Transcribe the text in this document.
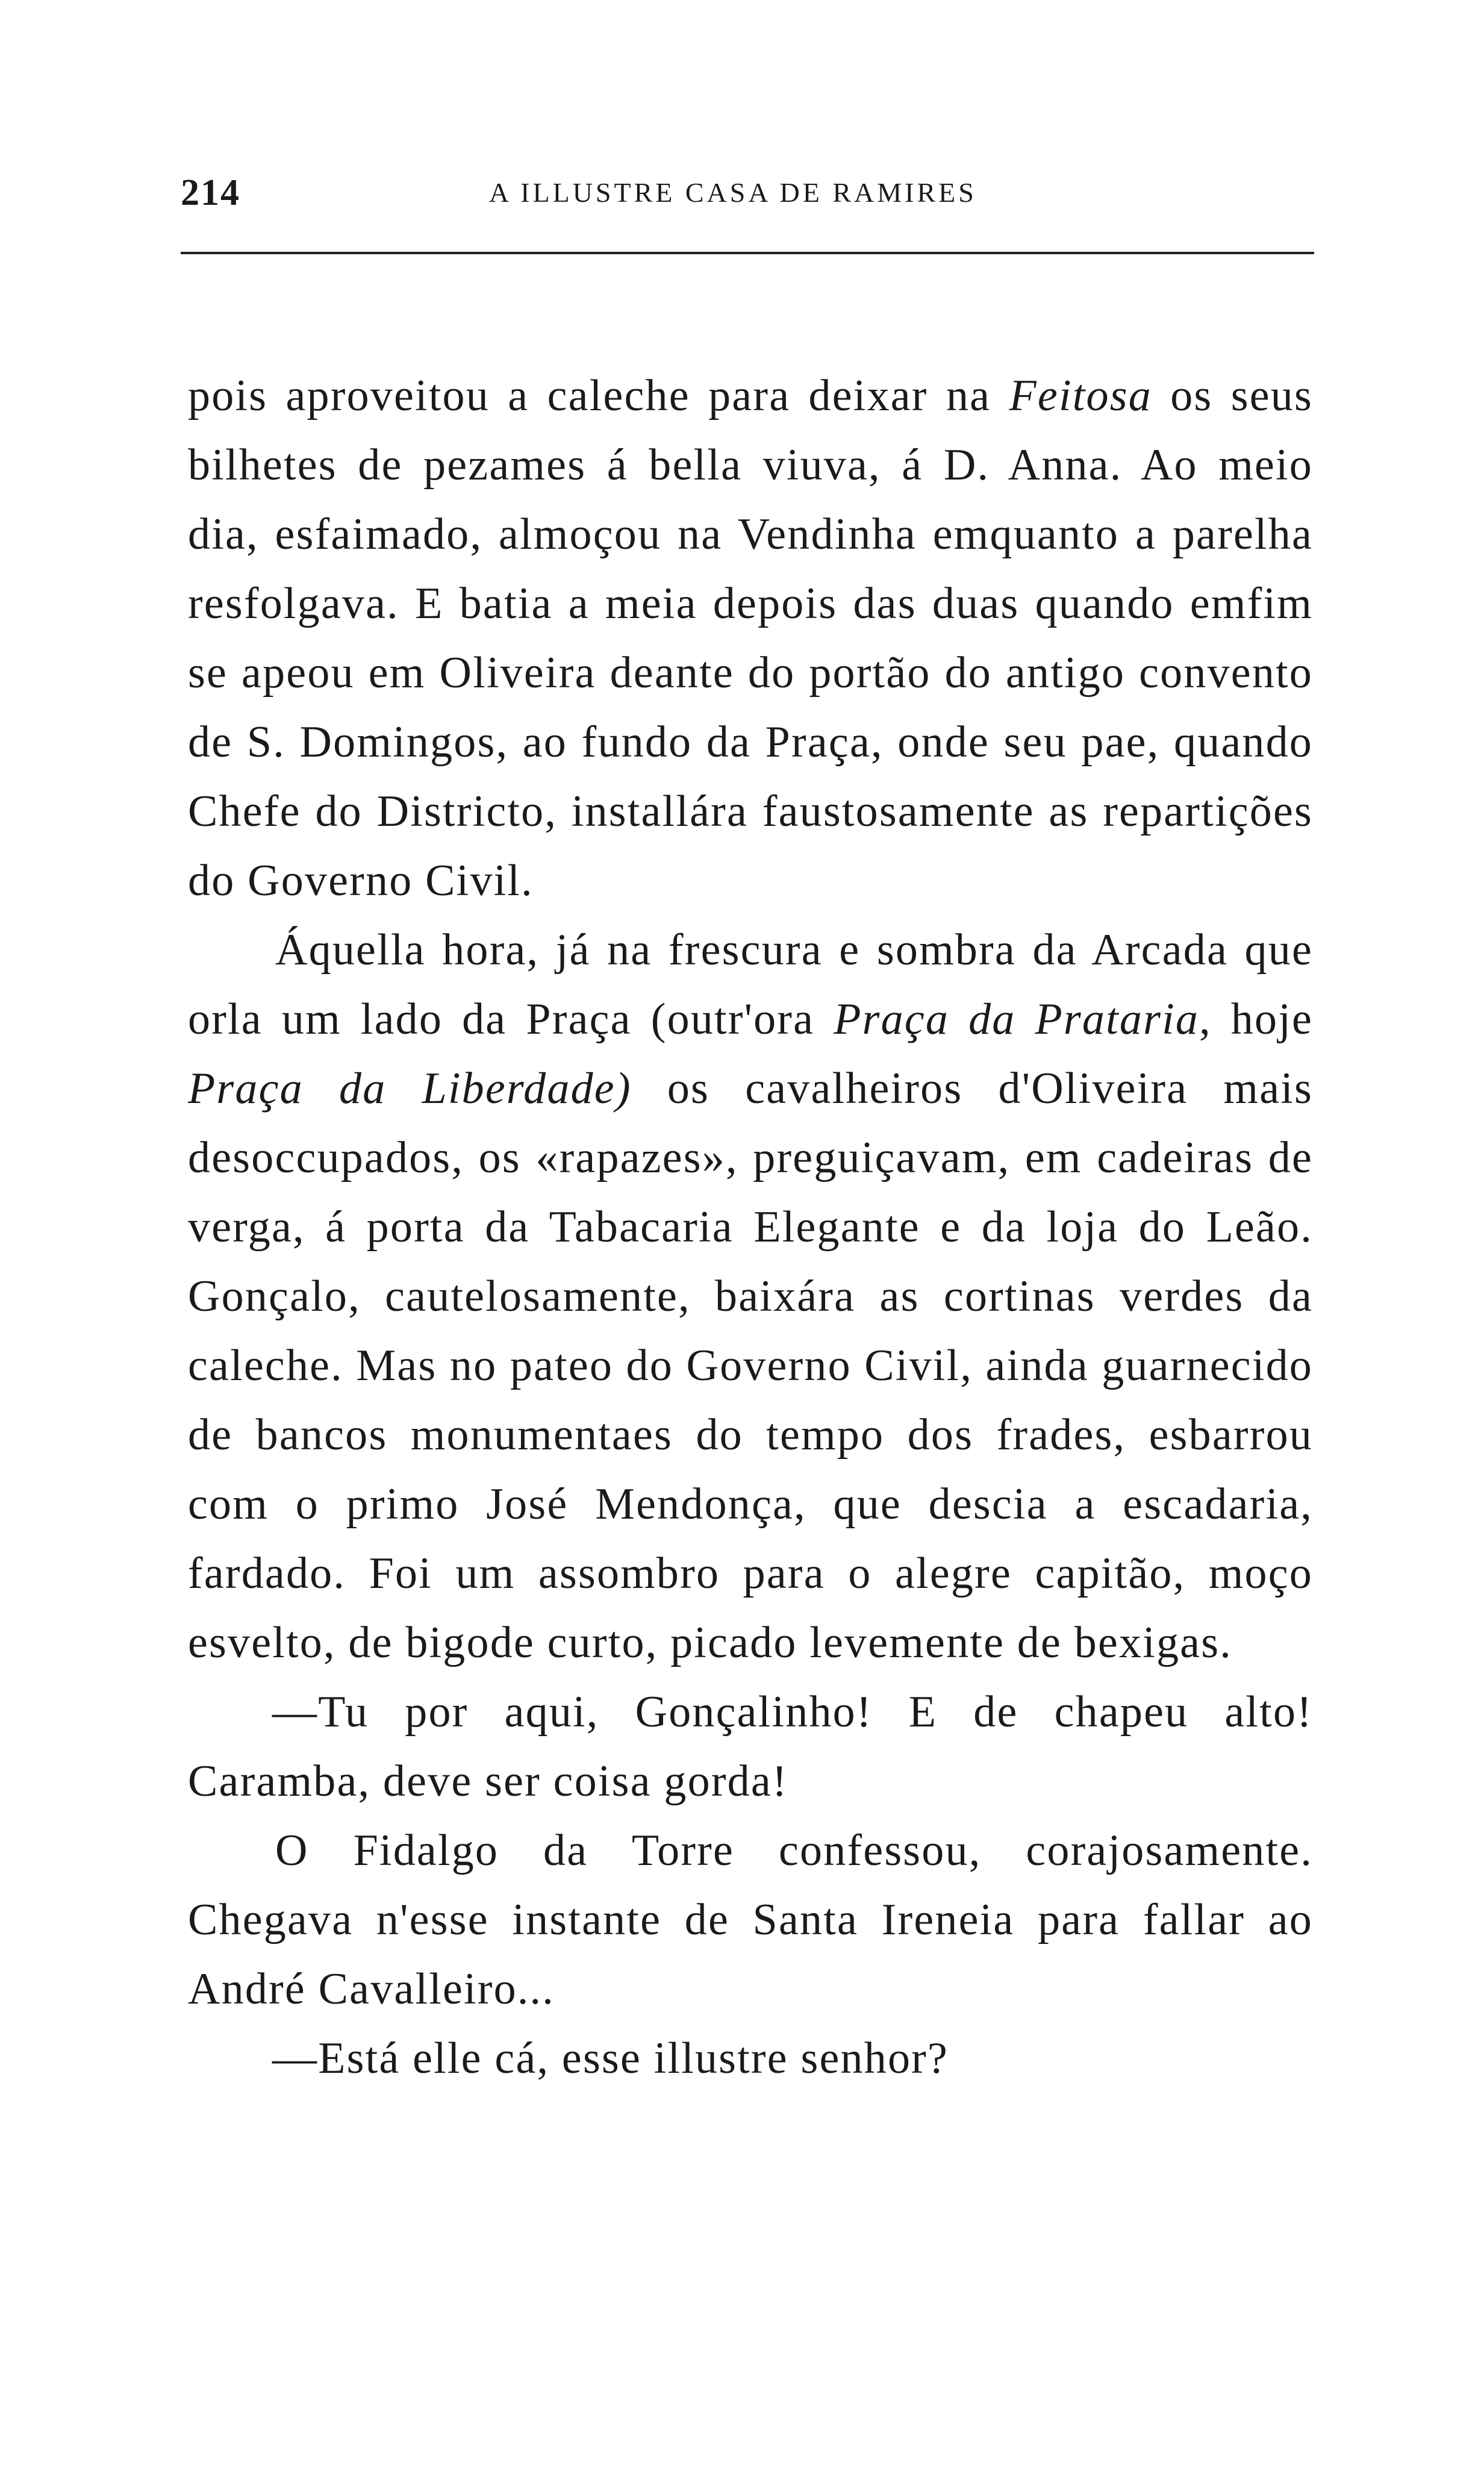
214	A ILLUSTRE CASA DE RAMIRES

pois aproveitou a caleche para deixar na Feitosa os seus bilhetes de pezames á bella viuva, á D. Anna. Ao meio dia, esfaimado, almoçou na Vendinha emquanto a parelha resfolgava. E batia a meia depois das duas quando emfim se apeou em Oliveira deante do portão do antigo convento de S. Domingos, ao fundo da Praça, onde seu pae, quando Chefe do Districto, installára faustosamente as repartições do Governo Civil.

Áquella hora, já na frescura e sombra da Arcada que orla um lado da Praça (outr'ora Praça da Prataria, hoje Praça da Liberdade) os cavalheiros d'Oliveira mais desoccupados, os «rapazes», preguiçavam, em cadeiras de verga, á porta da Tabacaria Elegante e da loja do Leão. Gonçalo, cautelosamente, baixára as cortinas verdes da caleche. Mas no pateo do Governo Civil, ainda guarnecido de bancos monumentaes do tempo dos frades, esbarrou com o primo José Mendonça, que descia a escadaria, fardado. Foi um assombro para o alegre capitão, moço esvelto, de bigode curto, picado levemente de bexigas.

—Tu por aqui, Gonçalinho! E de chapeu alto! Caramba, deve ser coisa gorda!

O Fidalgo da Torre confessou, corajosamente. Chegava n'esse instante de Santa Ireneia para fallar ao André Cavalleiro...

—Está elle cá, esse illustre senhor?
